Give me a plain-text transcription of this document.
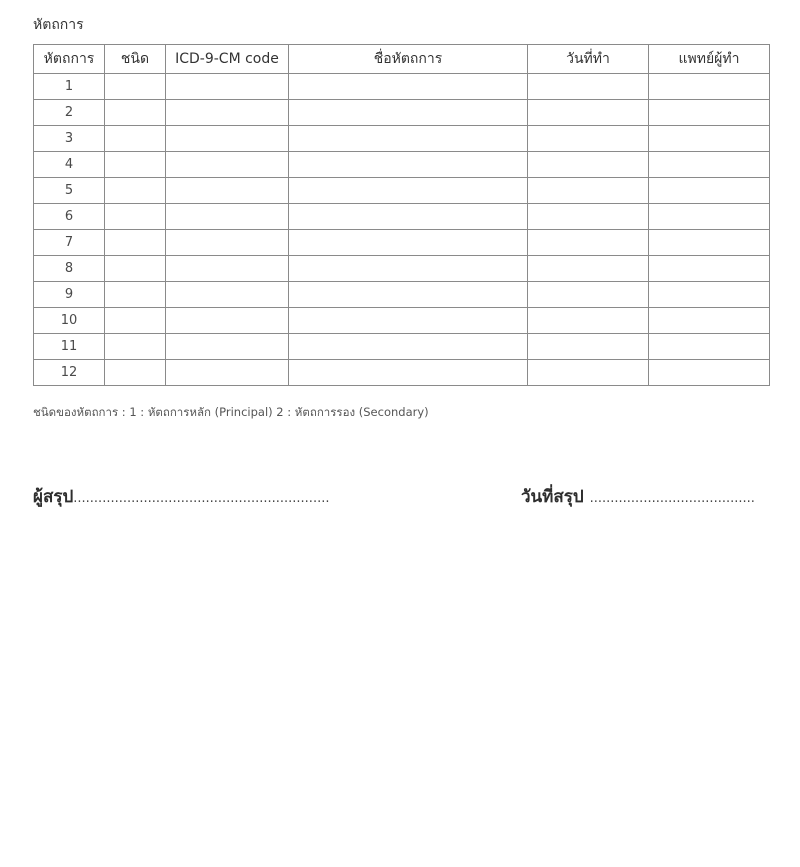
หัตถการ
หัตถการ	ชนิด	ICD-9-CM code	ชื่อหัตถการ	วันที่ทำ	แพทย์ผู้ทำ
1					
2					
3					
4					
5					
6					
7					
8					
9					
10					
11					
12					
ชนิดของหัตถการ : 1 : หัตถการหลัก (Principal) 2 : หัตถการรอง (Secondary)
ผู้สรุป..............................................................	วันที่สรุป ........................................
